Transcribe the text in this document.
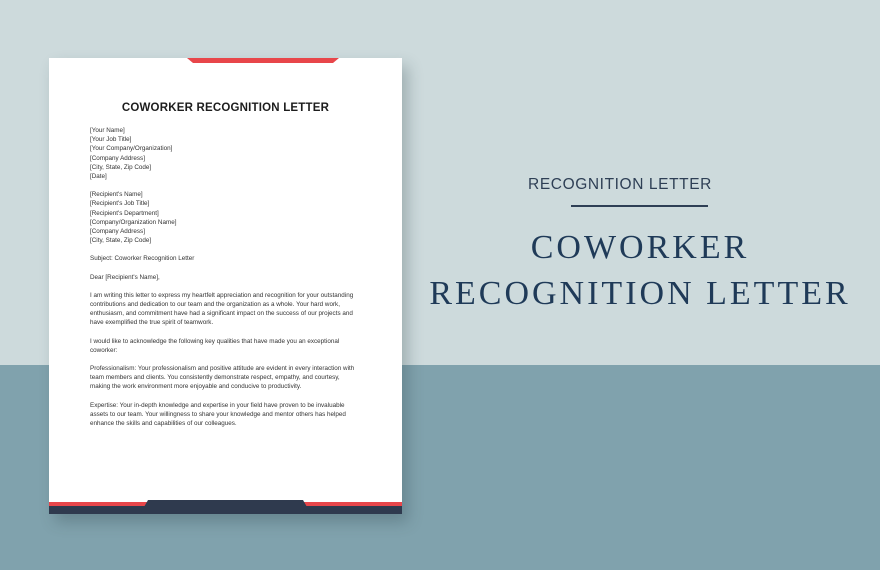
COWORKER RECOGNITION LETTER
[Your Name]
[Your Job Title]
[Your Company/Organization]
[Company Address]
[City, State, Zip Code]
[Date]
[Recipient's Name]
[Recipient's Job Title]
[Recipient's Department]
[Company/Organization Name]
[Company Address]
[City, State, Zip Code]
Subject: Coworker Recognition Letter
Dear [Recipient's Name],
I am writing this letter to express my heartfelt appreciation and recognition for your outstanding
contributions and dedication to our team and the organization as a whole. Your hard work,
enthusiasm, and commitment have had a significant impact on the success of our projects and
have exemplified the true spirit of teamwork.
I would like to acknowledge the following key qualities that have made you an exceptional
coworker:
Professionalism: Your professionalism and positive attitude are evident in every interaction with
team members and clients. You consistently demonstrate respect, empathy, and courtesy,
making the work environment more enjoyable and conducive to productivity.
Expertise: Your in-depth knowledge and expertise in your field have proven to be invaluable
assets to our team. Your willingness to share your knowledge and mentor others has helped
enhance the skills and capabilities of our colleagues.
RECOGNITION LETTER
COWORKER
RECOGNITION LETTER
